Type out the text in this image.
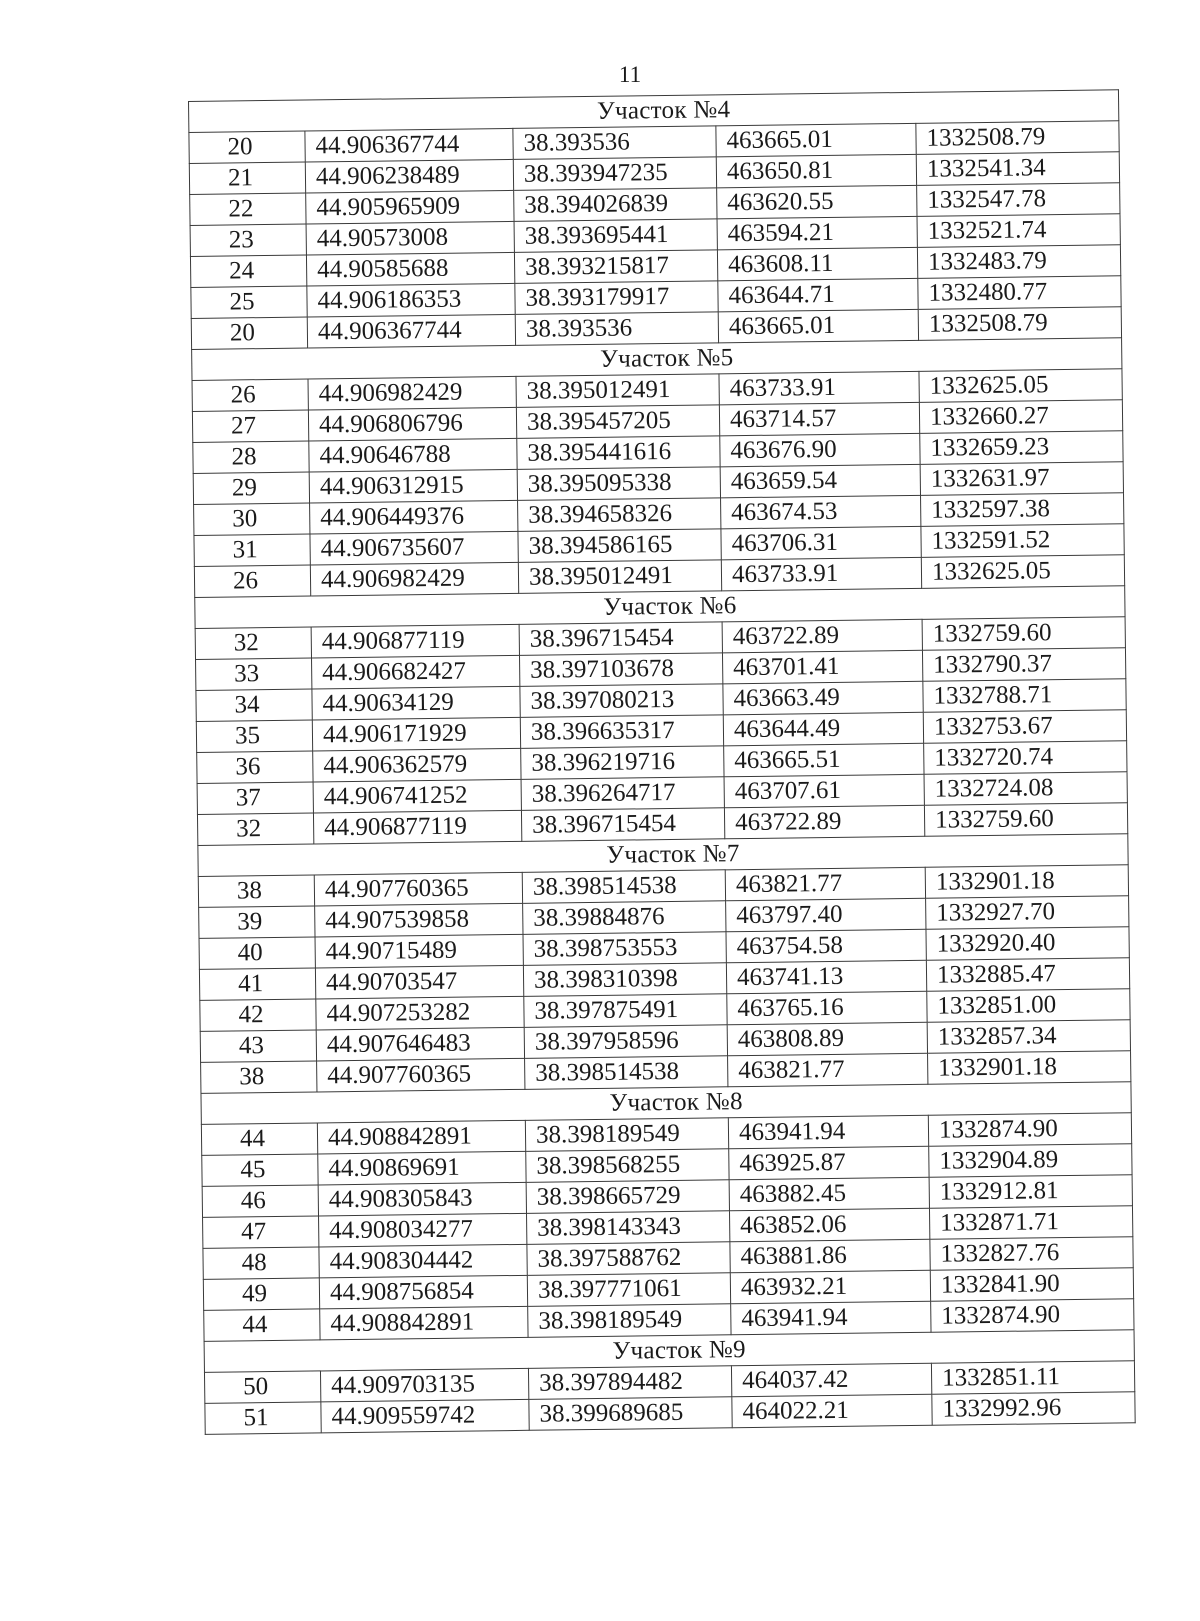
11
Участок №4				
20	44.906367744	38.393536	463665.01	1332508.79
21	44.906238489	38.393947235	463650.81	1332541.34
22	44.905965909	38.394026839	463620.55	1332547.78
23	44.90573008	38.393695441	463594.21	1332521.74
24	44.90585688	38.393215817	463608.11	1332483.79
25	44.906186353	38.393179917	463644.71	1332480.77
20	44.906367744	38.393536	463665.01	1332508.79
Участок №5				
26	44.906982429	38.395012491	463733.91	1332625.05
27	44.906806796	38.395457205	463714.57	1332660.27
28	44.90646788	38.395441616	463676.90	1332659.23
29	44.906312915	38.395095338	463659.54	1332631.97
30	44.906449376	38.394658326	463674.53	1332597.38
31	44.906735607	38.394586165	463706.31	1332591.52
26	44.906982429	38.395012491	463733.91	1332625.05
Участок №6				
32	44.906877119	38.396715454	463722.89	1332759.60
33	44.906682427	38.397103678	463701.41	1332790.37
34	44.90634129	38.397080213	463663.49	1332788.71
35	44.906171929	38.396635317	463644.49	1332753.67
36	44.906362579	38.396219716	463665.51	1332720.74
37	44.906741252	38.396264717	463707.61	1332724.08
32	44.906877119	38.396715454	463722.89	1332759.60
Участок №7				
38	44.907760365	38.398514538	463821.77	1332901.18
39	44.907539858	38.39884876	463797.40	1332927.70
40	44.90715489	38.398753553	463754.58	1332920.40
41	44.90703547	38.398310398	463741.13	1332885.47
42	44.907253282	38.397875491	463765.16	1332851.00
43	44.907646483	38.397958596	463808.89	1332857.34
38	44.907760365	38.398514538	463821.77	1332901.18
Участок №8				
44	44.908842891	38.398189549	463941.94	1332874.90
45	44.90869691	38.398568255	463925.87	1332904.89
46	44.908305843	38.398665729	463882.45	1332912.81
47	44.908034277	38.398143343	463852.06	1332871.71
48	44.908304442	38.397588762	463881.86	1332827.76
49	44.908756854	38.397771061	463932.21	1332841.90
44	44.908842891	38.398189549	463941.94	1332874.90
Участок №9				
50	44.909703135	38.397894482	464037.42	1332851.11
51	44.909559742	38.399689685	464022.21	1332992.96
